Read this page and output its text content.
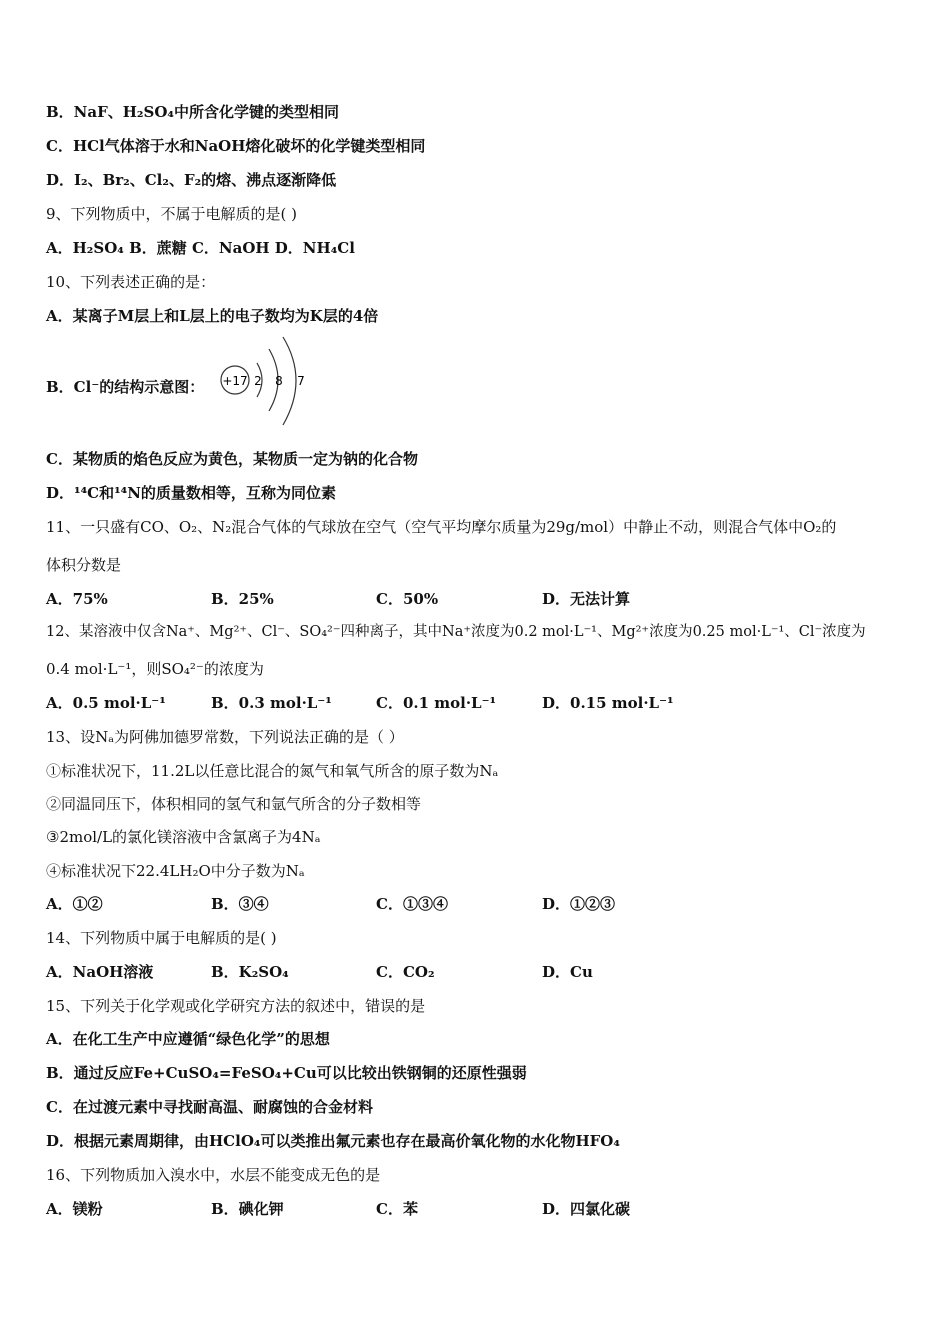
B．NaF、H₂SO₄中所含化学键的类型相同
C．HCl气体溶于水和NaOH熔化破坏的化学键类型相同
D．I₂、Br₂、Cl₂、F₂的熔、沸点逐渐降低
9、下列物质中，不属于电解质的是( )
A．H₂SO₄ B．蔗糖 C．NaOH D．NH₄Cl
10、下列表述正确的是：
A．某离子M层上和L层上的电子数均为K层的4倍
B．Cl⁻的结构示意图： +17 2 8 7
C．某物质的焰色反应为黄色，某物质一定为钠的化合物
D．¹⁴C和¹⁴N的质量数相等，互称为同位素
11、一只盛有CO、O₂、N₂混合气体的气球放在空气（空气平均摩尔质量为29g/mol）中静止不动，则混合气体中O₂的
体积分数是
A．75%	B．25%	C．50%	D．无法计算
12、某溶液中仅含Na⁺、Mg²⁺、Cl⁻、SO₄²⁻四种离子，其中Na⁺浓度为0.2 mol·L⁻¹、Mg²⁺浓度为0.25 mol·L⁻¹、Cl⁻浓度为
0.4 mol·L⁻¹，则SO₄²⁻的浓度为
A．0.5 mol·L⁻¹	B．0.3 mol·L⁻¹	C．0.1 mol·L⁻¹	D．0.15 mol·L⁻¹
13、设Nₐ为阿佛加德罗常数，下列说法正确的是（ ）
①标准状况下，11.2L以任意比混合的氮气和氧气所含的原子数为Nₐ
②同温同压下，体积相同的氢气和氩气所含的分子数相等
③2mol/L的氯化镁溶液中含氯离子为4Nₐ
④标准状况下22.4LH₂O中分子数为Nₐ
A．①②	B．③④	C．①③④	D．①②③
14、下列物质中属于电解质的是( )
A．NaOH溶液	B．K₂SO₄	C．CO₂	D．Cu
15、下列关于化学观或化学研究方法的叙述中，错误的是
A．在化工生产中应遵循“绿色化学”的思想
B．通过反应Fe+CuSO₄=FeSO₄+Cu可以比较出铁钢铜的还原性强弱
C．在过渡元素中寻找耐高温、耐腐蚀的合金材料
D．根据元素周期律，由HClO₄可以类推出氟元素也存在最高价氧化物的水化物HFO₄
16、下列物质加入溴水中，水层不能变成无色的是
A．镁粉	B．碘化钾	C．苯	D．四氯化碳
